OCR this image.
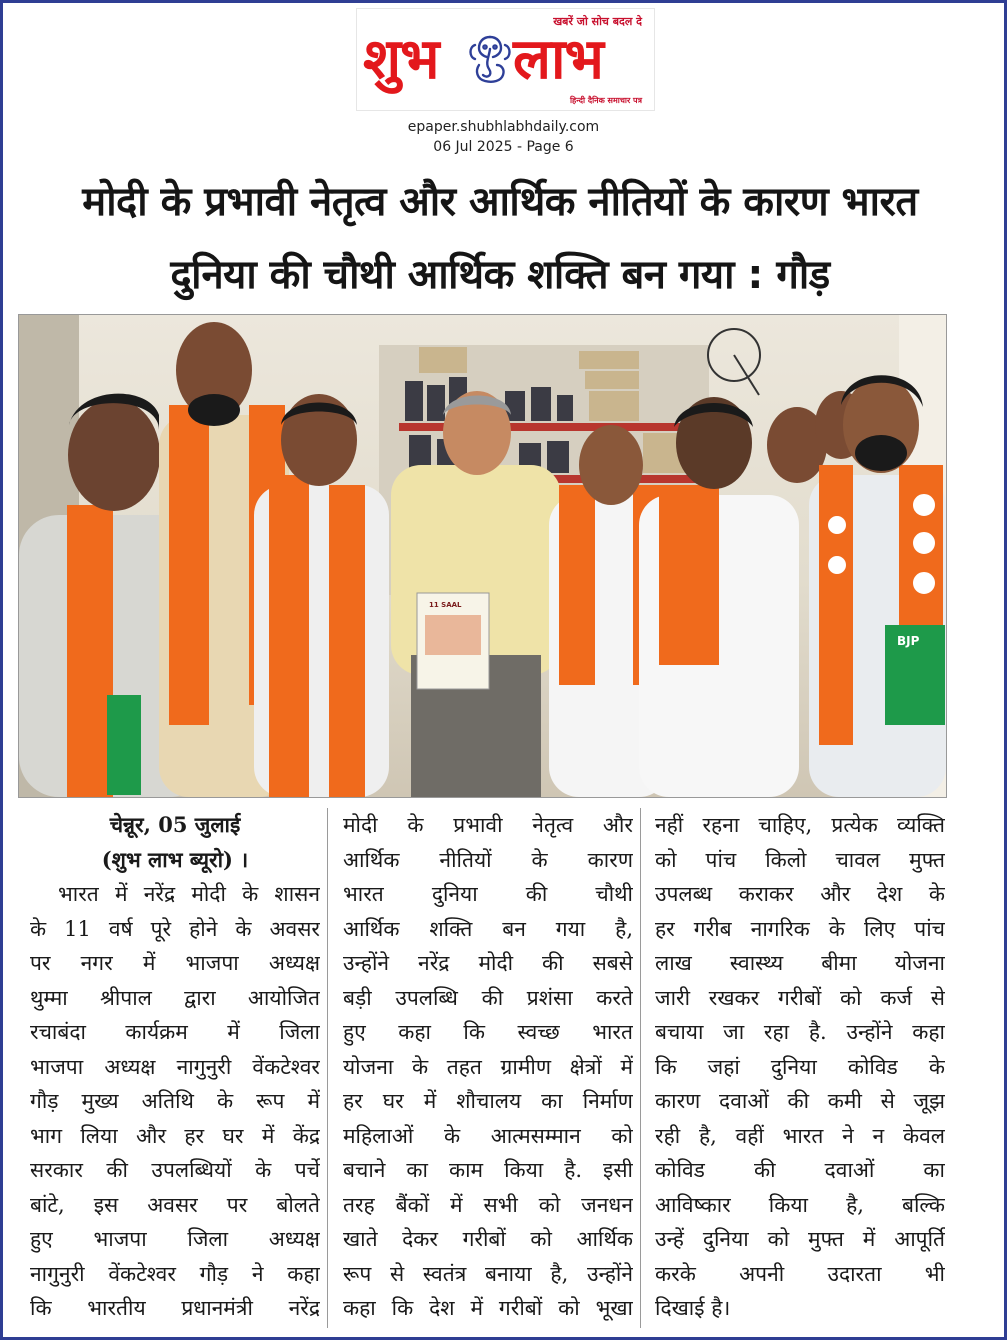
खबरें जो सोच बदल दे
शुभ लाभ
हिन्दी दैनिक समाचार पत्र
epaper.shubhlabhdaily.com
06 Jul 2025 - Page 6
मोदी के प्रभावी नेतृत्व और आर्थिक नीतियों के कारण भारत
दुनिया की चौथी आर्थिक शक्ति बन गया : गौड़
11 SAAL
BJP
चेन्नूर, 05 जुलाई
(शुभ लाभ ब्यूरो) ।
भारत में नरेंद्र मोदी के शासन
के 11 वर्ष पूरे होने के अवसर
पर नगर में भाजपा अध्यक्ष
थुम्मा श्रीपाल द्वारा आयोजित
रचाबंदा कार्यक्रम में जिला
भाजपा अध्यक्ष नागुनुरी वेंकटेश्वर
गौड़ मुख्य अतिथि के रूप में
भाग लिया और हर घर में केंद्र
सरकार की उपलब्धियों के पर्चे
बांटे, इस अवसर पर बोलते
हुए भाजपा जिला अध्यक्ष
नागुनुरी वेंकटेश्वर गौड़ ने कहा
कि भारतीय प्रधानमंत्री नरेंद्र
मोदी के प्रभावी नेतृत्व और
आर्थिक नीतियों के कारण
भारत दुनिया की चौथी
आर्थिक शक्ति बन गया है,
उन्होंने नरेंद्र मोदी की सबसे
बड़ी उपलब्धि की प्रशंसा करते
हुए कहा कि स्वच्छ भारत
योजना के तहत ग्रामीण क्षेत्रों में
हर घर में शौचालय का निर्माण
महिलाओं के आत्मसम्मान को
बचाने का काम किया है. इसी
तरह बैंकों में सभी को जनधन
खाते देकर गरीबों को आर्थिक
रूप से स्वतंत्र बनाया है, उन्होंने
कहा कि देश में गरीबों को भूखा
नहीं रहना चाहिए, प्रत्येक व्यक्ति
को पांच किलो चावल मुफ्त
उपलब्ध कराकर और देश के
हर गरीब नागरिक के लिए पांच
लाख स्वास्थ्य बीमा योजना
जारी रखकर गरीबों को कर्ज से
बचाया जा रहा है. उन्होंने कहा
कि जहां दुनिया कोविड के
कारण दवाओं की कमी से जूझ
रही है, वहीं भारत ने न केवल
कोविड की दवाओं का
आविष्कार किया है, बल्कि
उन्हें दुनिया को मुफ्त में आपूर्ति
करके अपनी उदारता भी
दिखाई है।
